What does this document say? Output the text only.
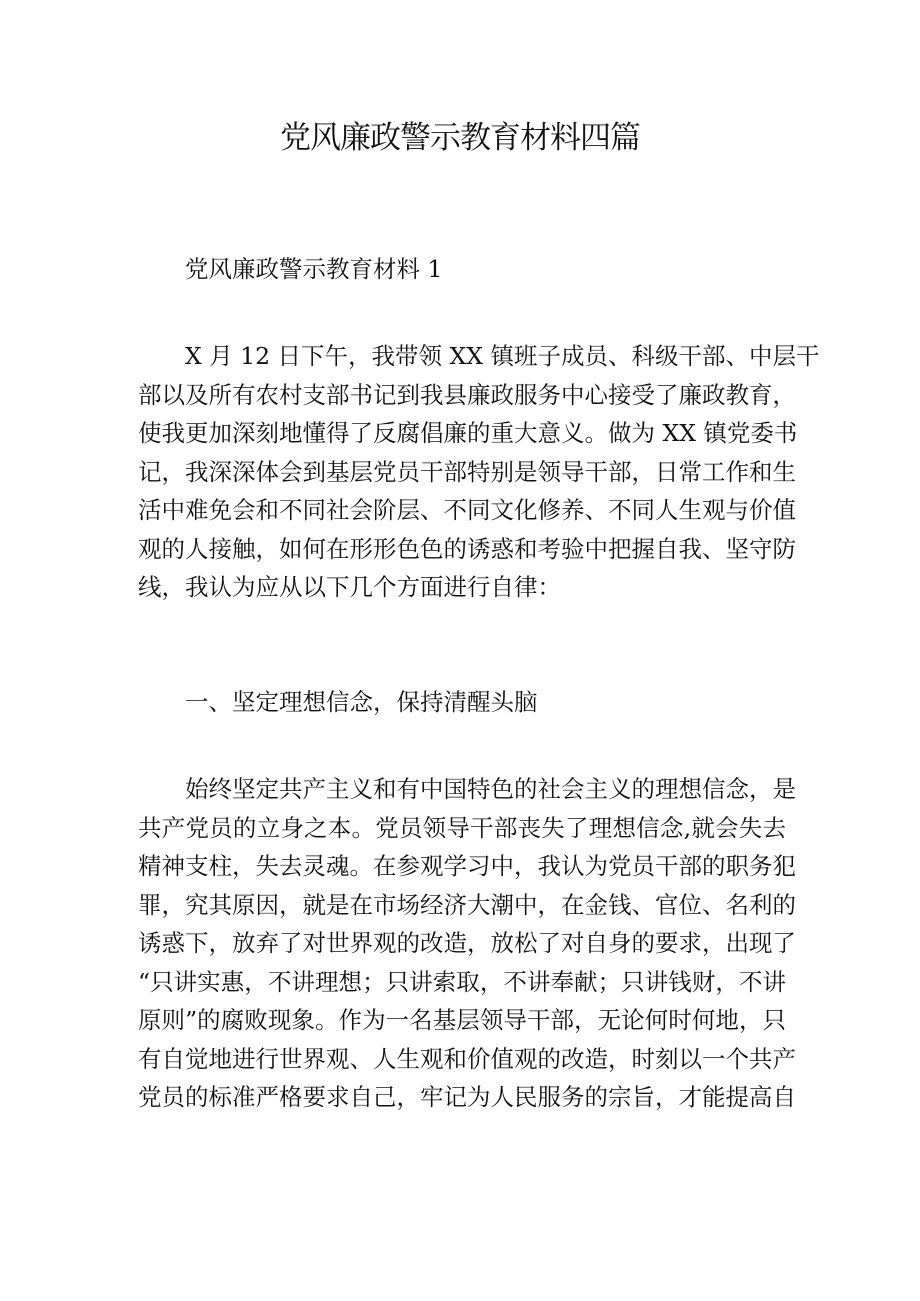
党风廉政警示教育材料四篇

党风廉政警示教育材料 1

X 月 12 日下午，我带领 XX 镇班子成员、科级干部、中层干
部以及所有农村支部书记到我县廉政服务中心接受了廉政教育，
使我更加深刻地懂得了反腐倡廉的重大意义。做为 XX 镇党委书
记，我深深体会到基层党员干部特别是领导干部，日常工作和生
活中难免会和不同社会阶层、不同文化修养、不同人生观与价值
观的人接触，如何在形形色色的诱惑和考验中把握自我、坚守防
线，我认为应从以下几个方面进行自律：

一、坚定理想信念，保持清醒头脑

始终坚定共产主义和有中国特色的社会主义的理想信念，是
共产党员的立身之本。党员领导干部丧失了理想信念,就会失去
精神支柱，失去灵魂。在参观学习中，我认为党员干部的职务犯
罪，究其原因，就是在市场经济大潮中，在金钱、官位、名利的
诱惑下，放弃了对世界观的改造，放松了对自身的要求，出现了
“只讲实惠，不讲理想；只讲索取，不讲奉献；只讲钱财，不讲
原则”的腐败现象。作为一名基层领导干部，无论何时何地，只
有自觉地进行世界观、人生观和价值观的改造，时刻以一个共产
党员的标准严格要求自己，牢记为人民服务的宗旨，才能提高自
